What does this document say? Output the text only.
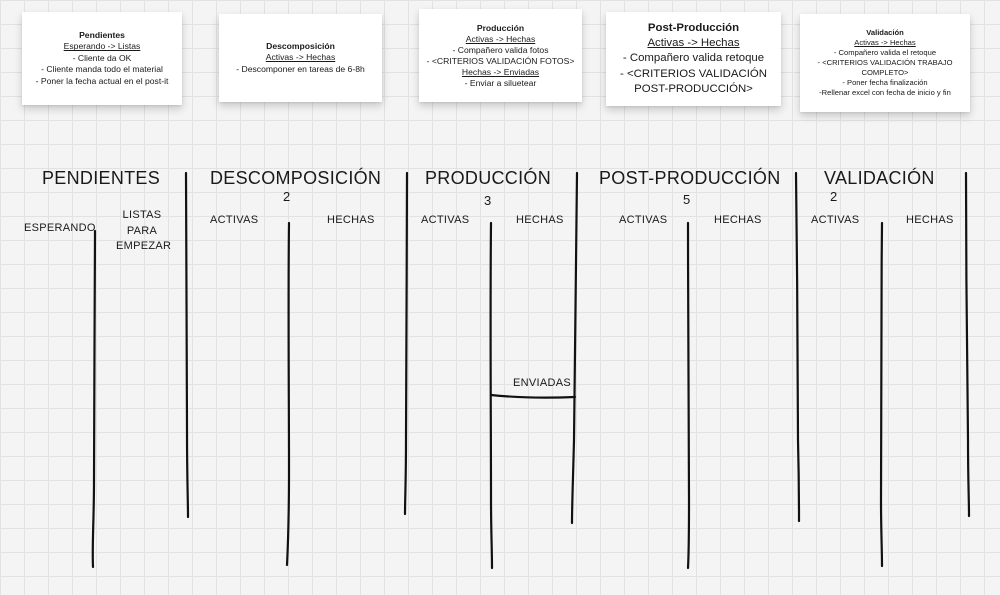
Pendientes
Esperando -> Listas
- Cliente da OK
- Cliente manda todo el material
- Poner la fecha actual en el post-it
Descomposición
Activas -> Hechas
- Descomponer en tareas de 6-8h
Producción
Activas -> Hechas
- Compañero valida fotos
- <CRITERIOS VALIDACIÓN FOTOS>
Hechas -> Enviadas
- Enviar a siluetear
Post-Producción
Activas -> Hechas
- Compañero valida retoque
- <CRITERIOS VALIDACIÓN
POST-PRODUCCIÓN>
Validación
Activas -> Hechas
- Compañero valida el retoque
- <CRITERIOS VALIDACIÓN TRABAJO COMPLETO>
- Poner fecha finalización
-Rellenar excel con fecha de inicio y fin
PENDIENTES	DESCOMPOSICIÓN PRODUCCIÓN	POST-PRODUCCIÓN VALIDACIÓN
2	3	5	2
ESPERANDO
LISTAS PARA EMPEZAR
ACTIVAS	HECHAS	ACTIVAS	HECHAS
ENVIADAS
ACTIVAS	HECHAS	ACTIVAS	HECHAS
